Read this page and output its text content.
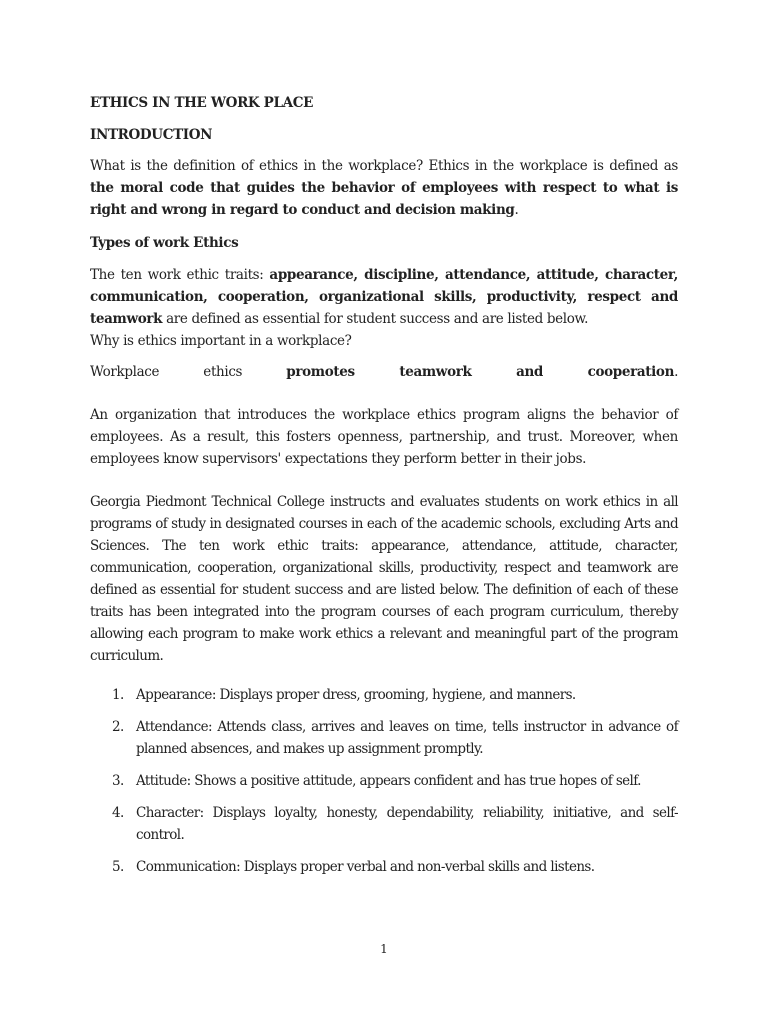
ETHICS IN THE WORK PLACE

INTRODUCTION

What is the definition of ethics in the workplace? Ethics in the workplace is defined as the moral code that guides the behavior of employees with respect to what is right and wrong in regard to conduct and decision making.

Types of work Ethics

The ten work ethic traits: appearance, discipline, attendance, attitude, character, communication, cooperation, organizational skills, productivity, respect and teamwork are defined as essential for student success and are listed below.

Why is ethics important in a workplace?

Workplace ethics promotes teamwork and cooperation.

An organization that introduces the workplace ethics program aligns the behavior of employees. As a result, this fosters openness, partnership, and trust. Moreover, when employees know supervisors' expectations they perform better in their jobs.

Georgia Piedmont Technical College instructs and evaluates students on work ethics in all programs of study in designated courses in each of the academic schools, excluding Arts and Sciences. The ten work ethic traits: appearance, attendance, attitude, character, communication, cooperation, organizational skills, productivity, respect and teamwork are defined as essential for student success and are listed below. The definition of each of these traits has been integrated into the program courses of each program curriculum, thereby allowing each program to make work ethics a relevant and meaningful part of the program curriculum.

1. Appearance: Displays proper dress, grooming, hygiene, and manners.
2. Attendance: Attends class, arrives and leaves on time, tells instructor in advance of planned absences, and makes up assignment promptly.
3. Attitude: Shows a positive attitude, appears confident and has true hopes of self.
4. Character: Displays loyalty, honesty, dependability, reliability, initiative, and self-control.
5. Communication: Displays proper verbal and non-verbal skills and listens.
1
